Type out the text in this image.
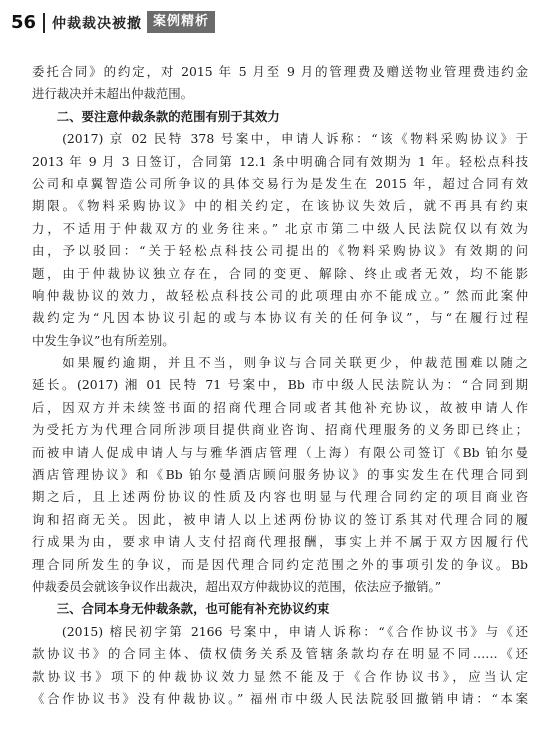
56 仲裁裁决被撤 案例精析
委托合同》的约定，对 2015 年 5 月至 9 月的管理费及赠送物业管理费违约金
进行裁决并未超出仲裁范围。
　　二、要注意仲裁条款的范围有别于其效力
　　(2017) 京 02 民特 378 号案中，申请人诉称：“该《物料采购协议》于
2013 年 9 月 3 日签订，合同第 12.1 条中明确合同有效期为 1 年。轻松点科技
公司和卓翼智造公司所争议的具体交易行为是发生在 2015 年，超过合同有效
期限。《物料采购协议》中的相关约定，在该协议失效后，就不再具有约束
力，不适用于仲裁双方的业务往来。” 北京市第二中级人民法院仅以有效为
由，予以驳回：“关于轻松点科技公司提出的《物料采购协议》有效期的问
题，由于仲裁协议独立存在，合同的变更、解除、终止或者无效，均不能影
响仲裁协议的效力，故轻松点科技公司的此项理由亦不能成立。” 然而此案仲
裁约定为“凡因本协议引起的或与本协议有关的任何争议”，与“在履行过程
中发生争议”也有所差别。
　　如果履约逾期，并且不当，则争议与合同关联更少，仲裁范围难以随之
延长。(2017) 湘 01 民特 71 号案中，Bb 市中级人民法院认为：“合同到期
后，因双方并未续签书面的招商代理合同或者其他补充协议，故被申请人作
为受托方为代理合同所涉项目提供商业咨询、招商代理服务的义务即已终止；
而被申请人促成申请人与与雅华酒店管理（上海）有限公司签订《Bb 铂尔曼
酒店管理协议》和《Bb 铂尔曼酒店顾问服务协议》的事实发生在代理合同到
期之后，且上述两份协议的性质及内容也明显与代理合同约定的项目商业咨
询和招商无关。因此，被申请人以上述两份协议的签订系其对代理合同的履
行成果为由，要求申请人支付招商代理报酬，事实上并不属于双方因履行代
理合同所发生的争议，而是因代理合同约定范围之外的事项引发的争议。Bb
仲裁委员会就该争议作出裁决，超出双方仲裁协议的范围，依法应予撤销。”
　　三、合同本身无仲裁条款，也可能有补充协议约束
　　(2015) 榕民初字第 2166 号案中，申请人诉称：“《合作协议书》与《还
款协议书》的合同主体、债权债务关系及管辖条款均存在明显不同……《还
款协议书》项下的仲裁协议效力显然不能及于《合作协议书》，应当认定
《合作协议书》没有仲裁协议。” 福州市中级人民法院驳回撤销申请：“本案
